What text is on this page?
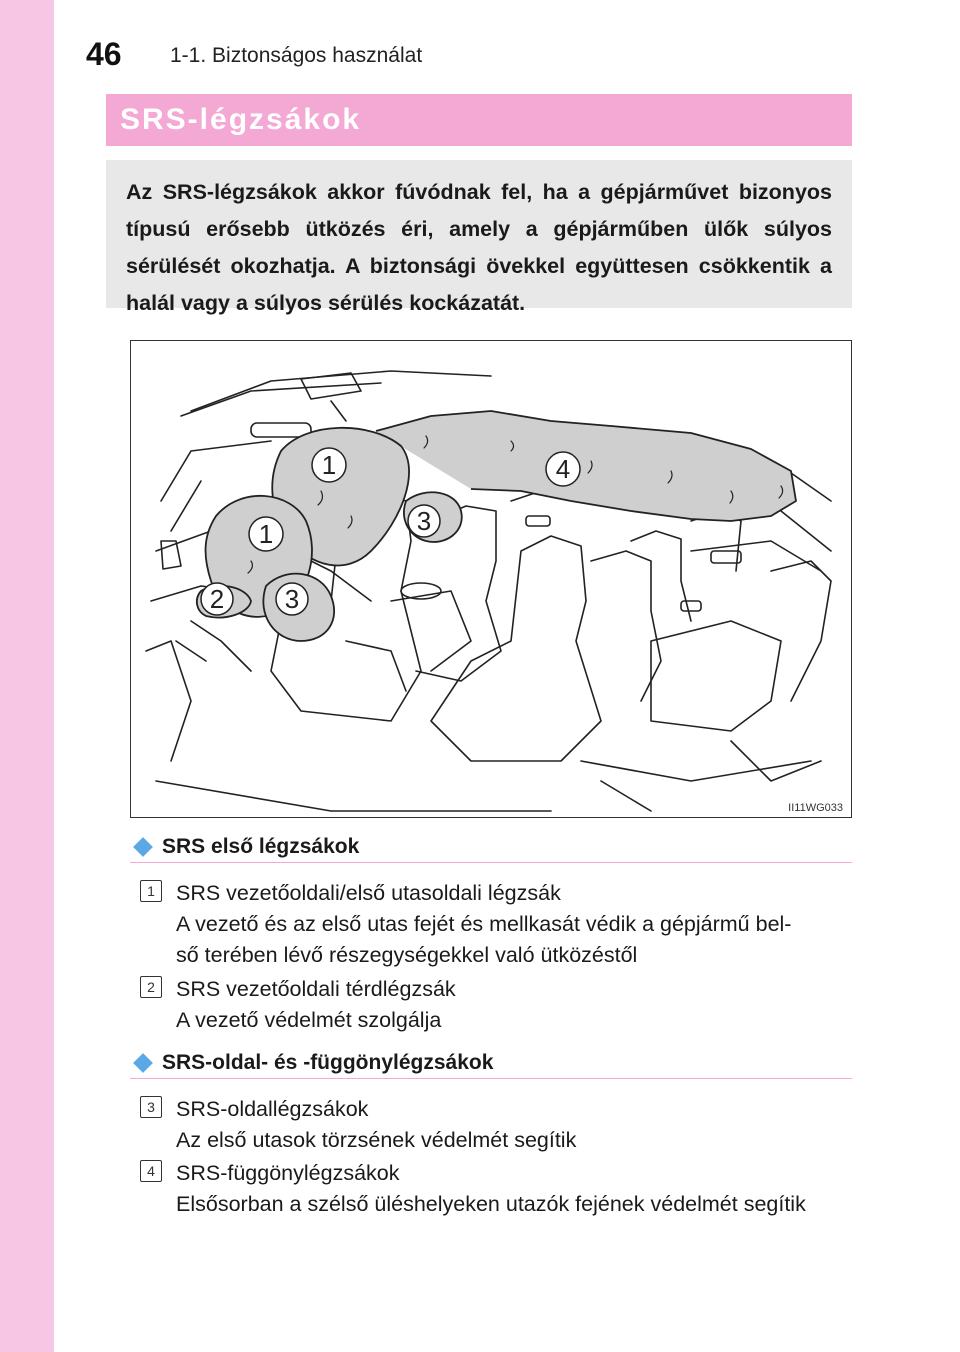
46 1-1. Biztonságos használat
SRS-légzsákok

Az SRS-légzsákok akkor fúvódnak fel, ha a gépjárművet bizonyos típusú erősebb ütközés éri, amely a gépjárműben ülők súlyos sérülését okozhatja. A biztonsági övekkel együttesen csökkentik a halál vagy a súlyos sérülés kockázatát.

1
1
2 3
3
4
II11WG033
SRS első légzsákok
1 SRS vezetőoldali/első utasoldali légzsák
A vezető és az első utas fejét és mellkasát védik a gépjármű bel-
ső terében lévő részegységekkel való ütközéstől
2 SRS vezetőoldali térdlégzsák
A vezető védelmét szolgálja
SRS-oldal- és -függönylégzsákok
3 SRS-oldallégzsákok
Az első utasok törzsének védelmét segítik
4 SRS-függönylégzsákok
Elsősorban a szélső üléshelyeken utazók fejének védelmét segítik
